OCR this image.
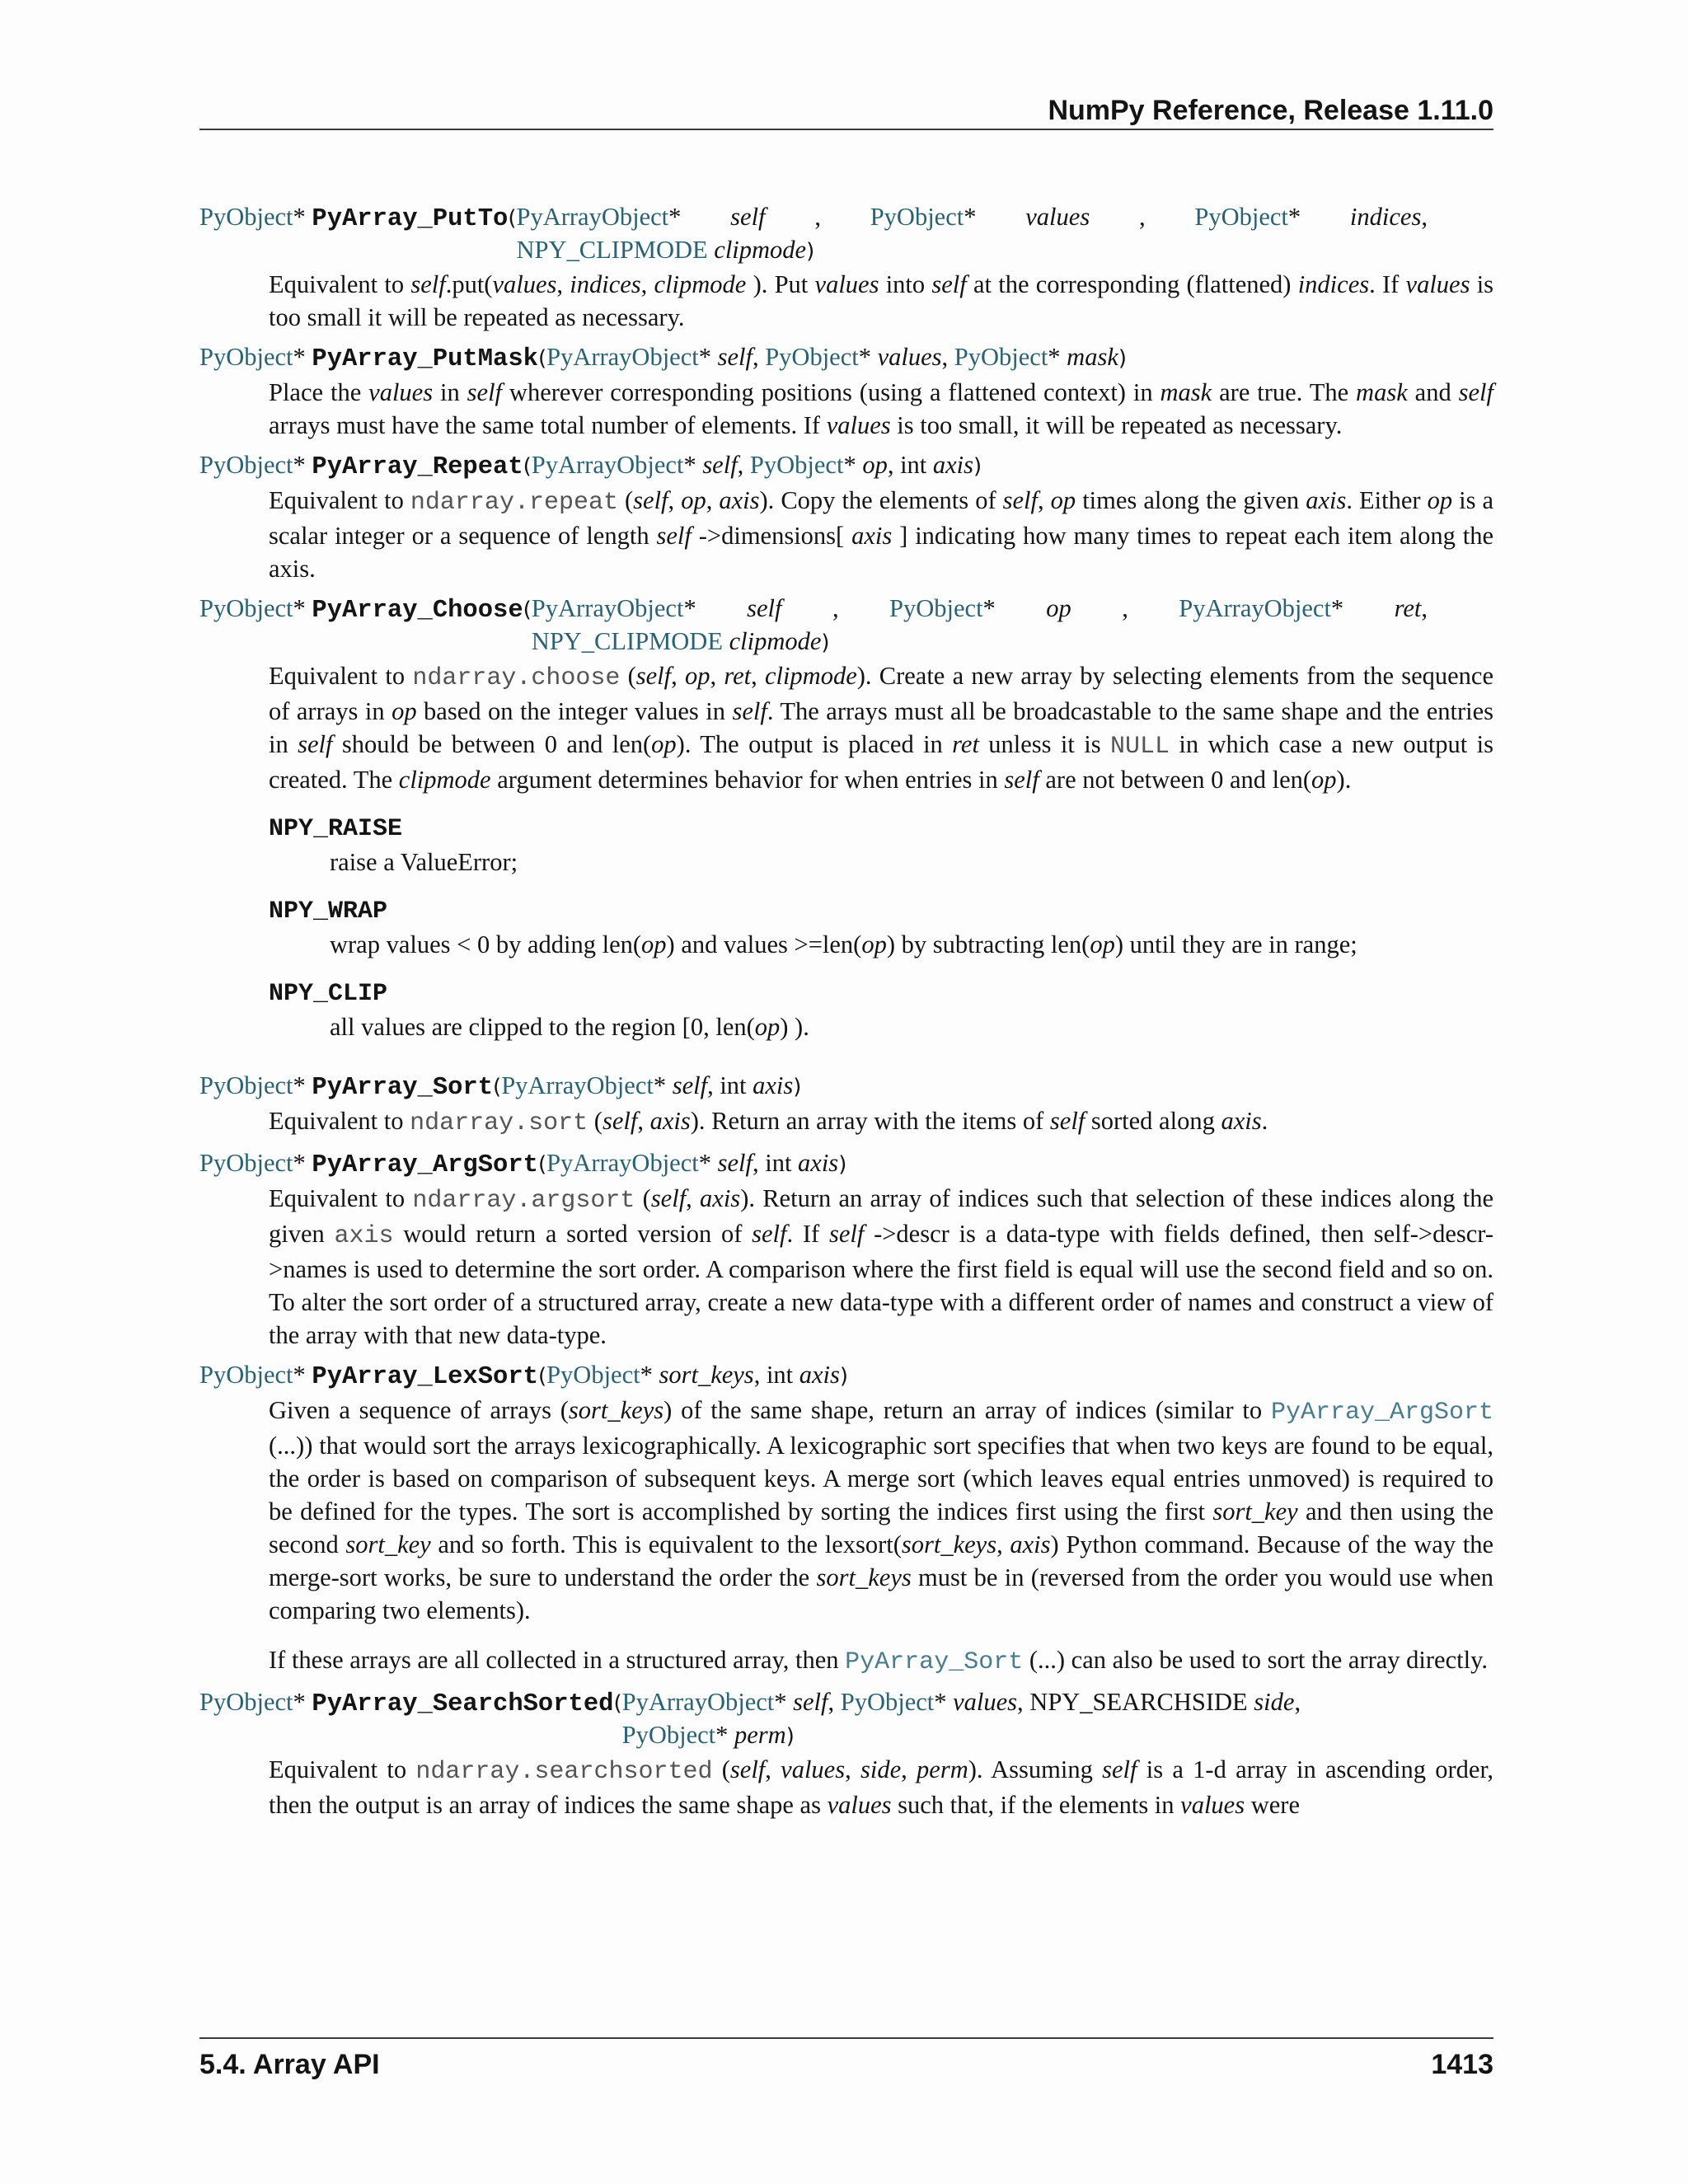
NumPy Reference, Release 1.11.0
PyObject* PyArray_PutTo( PyArrayObject* self , PyObject* values , PyObject* indices,
NPY_CLIPMODE clipmode)

Equivalent to self.put(values, indices, clipmode ). Put values into self at the corresponding (flattened) indices. If values is too small it will be repeated as necessary.

PyObject* PyArray_PutMask(PyArrayObject* self, PyObject* values, PyObject* mask)

Place the values in self wherever corresponding positions (using a flattened context) in mask are true. The mask and self arrays must have the same total number of elements. If values is too small, it will be repeated as necessary.

PyObject* PyArray_Repeat(PyArrayObject* self, PyObject* op, int axis)

Equivalent to ndarray.repeat (self, op, axis). Copy the elements of self, op times along the given axis. Either op is a scalar integer or a sequence of length self ->dimensions[ axis ] indicating how many times to repeat each item along the axis.

PyObject* PyArray_Choose( PyArrayObject* self , PyObject* op , PyArrayObject* ret,
NPY_CLIPMODE clipmode)

Equivalent to ndarray.choose (self, op, ret, clipmode). Create a new array by selecting elements from the sequence of arrays in op based on the integer values in self. The arrays must all be broadcastable to the same shape and the entries in self should be between 0 and len(op). The output is placed in ret unless it is NULL in which case a new output is created. The clipmode argument determines behavior for when entries in self are not between 0 and len(op).

NPY_RAISE
raise a ValueError;
NPY_WRAP
wrap values < 0 by adding len(op) and values >=len(op) by subtracting len(op) until they are in range;
NPY_CLIP
all values are clipped to the region [0, len(op) ).
PyObject* PyArray_Sort(PyArrayObject* self, int axis)

Equivalent to ndarray.sort (self, axis). Return an array with the items of self sorted along axis.

PyObject* PyArray_ArgSort(PyArrayObject* self, int axis)

Equivalent to ndarray.argsort (self, axis). Return an array of indices such that selection of these indices along the given axis would return a sorted version of self. If self ->descr is a data-type with fields defined, then self->descr->names is used to determine the sort order. A comparison where the first field is equal will use the second field and so on. To alter the sort order of a structured array, create a new data-type with a different order of names and construct a view of the array with that new data-type.

PyObject* PyArray_LexSort(PyObject* sort_keys, int axis)

Given a sequence of arrays (sort_keys) of the same shape, return an array of indices (similar to PyArray_ArgSort (...)) that would sort the arrays lexicographically. A lexicographic sort specifies that when two keys are found to be equal, the order is based on comparison of subsequent keys. A merge sort (which leaves equal entries unmoved) is required to be defined for the types. The sort is accomplished by sorting the indices first using the first sort_key and then using the second sort_key and so forth. This is equivalent to the lexsort(sort_keys, axis) Python command. Because of the way the merge-sort works, be sure to understand the order the sort_keys must be in (reversed from the order you would use when comparing two elements).

If these arrays are all collected in a structured array, then PyArray_Sort (...) can also be used to sort the array directly.

PyObject* PyArray_SearchSorted( PyArrayObject* self, PyObject* values, NPY_SEARCHSIDE side,
PyObject* perm)

Equivalent to ndarray.searchsorted (self, values, side, perm). Assuming self is a 1-d array in ascending order, then the output is an array of indices the same shape as values such that, if the elements in values were

5.4. Array API	1413
